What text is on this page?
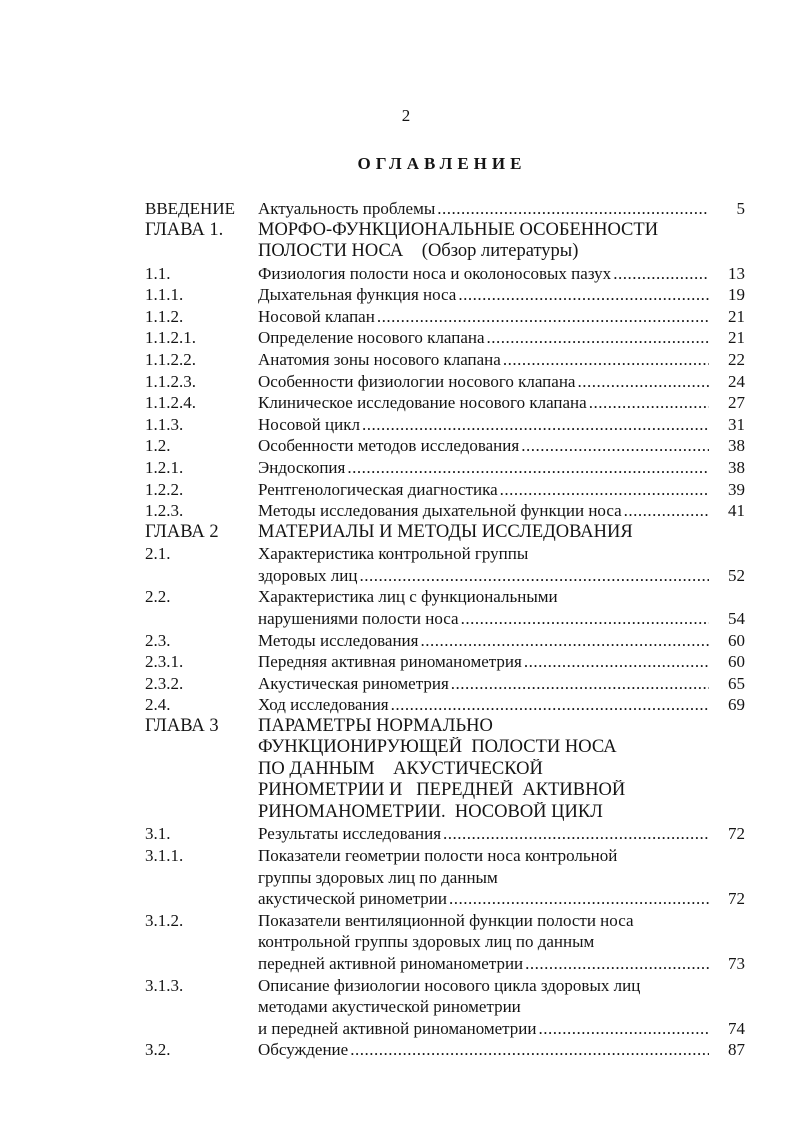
2
ОГЛАВЛЕНИЕ
ВВЕДЕНИЕ	Актуальность проблемы .....	5
ГЛАВА 1.	МОРФО-ФУНКЦИОНАЛЬНЫЕ ОСОБЕННОСТИ
ПОЛОСТИ НОСА    (Обзор литературы)
1.1.	Физиология полости носа и околоносовых пазух .....	13
1.1.1.	Дыхательная функция носа .....	19
1.1.2.	Носовой клапан .....	21
1.1.2.1.	Определение носового клапана .....	21
1.1.2.2.	Анатомия зоны носового клапана .....	22
1.1.2.3.	Особенности физиологии носового клапана .....	24
1.1.2.4.	Клиническое исследование носового клапана .....	27
1.1.3.	Носовой цикл .....	31
1.2.	Особенности методов исследования .....	38
1.2.1.	Эндоскопия .....	38
1.2.2.	Рентгенологическая диагностика .....	39
1.2.3.	Методы исследования дыхательной функции носа .....	41
ГЛАВА 2	МАТЕРИАЛЫ И МЕТОДЫ ИССЛЕДОВАНИЯ
2.1.	Характеристика контрольной группы
здоровых лиц .....	52
2.2.	Характеристика лиц с функциональными
нарушениями полости носа .....	54
2.3.	Методы исследования .....	60
2.3.1.	Передняя активная риноманометрия .....	60
2.3.2.	Акустическая ринометрия .....	65
2.4.	Ход исследования .....	69
ГЛАВА 3	ПАРАМЕТРЫ НОРМАЛЬНО
ФУНКЦИОНИРУЮЩЕЙ  ПОЛОСТИ НОСА
ПО ДАННЫМ    АКУСТИЧЕСКОЙ
РИНОМЕТРИИ И   ПЕРЕДНЕЙ  АКТИВНОЙ
РИНОМАНОМЕТРИИ.  НОСОВОЙ ЦИКЛ
3.1.	Результаты исследования .....	72
3.1.1.	Показатели геометрии полости носа контрольной
группы здоровых лиц по данным
акустической ринометрии .....	72
3.1.2.	Показатели вентиляционной функции полости носа
контрольной группы здоровых лиц по данным
передней активной риноманометрии .....	73
3.1.3.	Описание физиологии носового цикла здоровых лиц
методами акустической ринометрии
и передней активной риноманометрии .....	74
3.2.	Обсуждение .....	87
